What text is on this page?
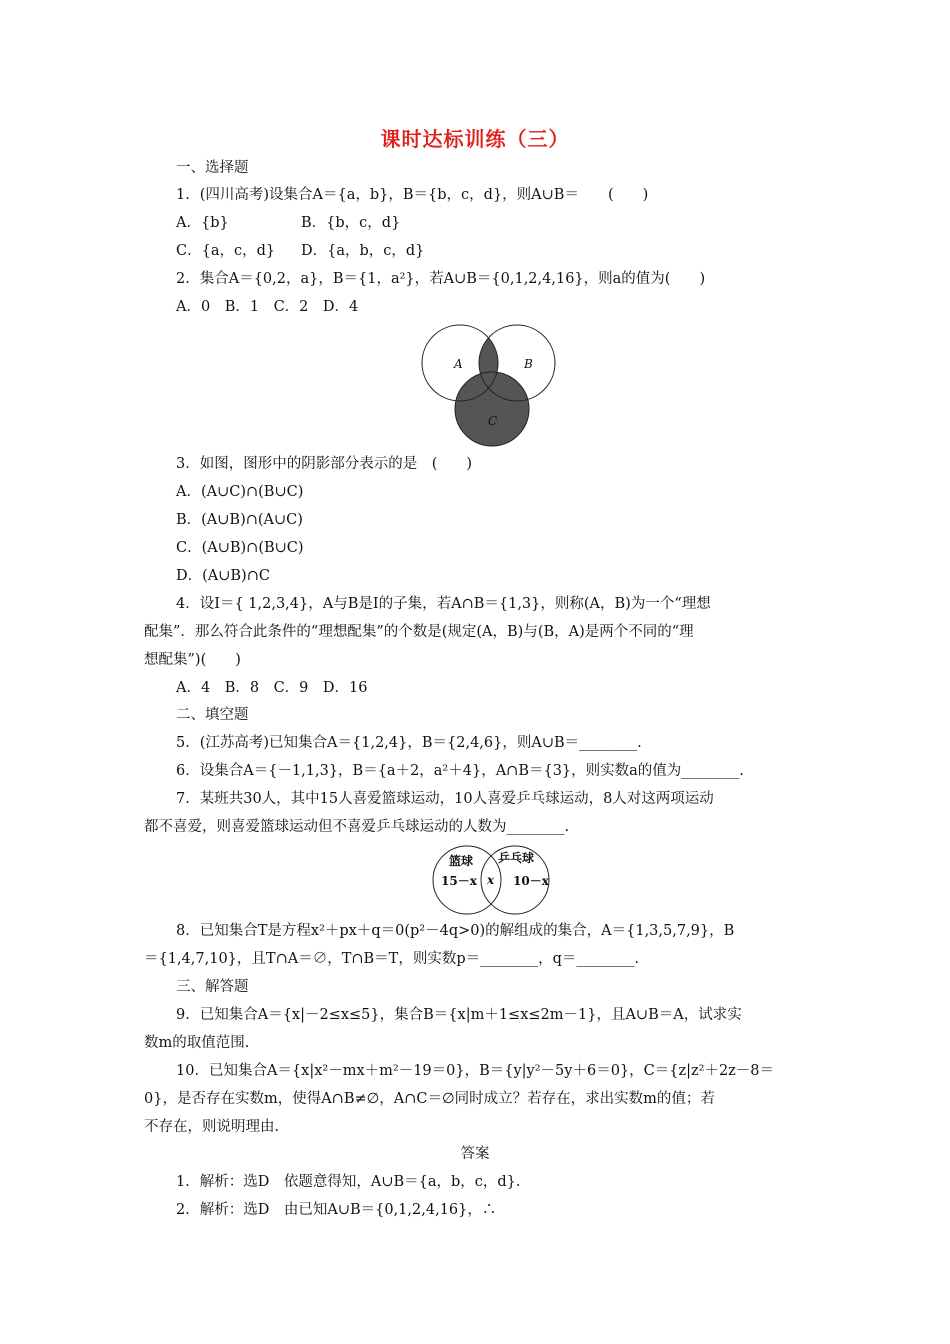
课时达标训练（三）
一、选择题
1．(四川高考)设集合A＝{a，b}，B＝{b，c，d}，则A∪B＝　　(　　)
A．{b}	B．{b，c，d}
C．{a，c，d} D．{a，b，c，d}
2．集合A＝{0,2，a}，B＝{1，a²}，若A∪B＝{0,1,2,4,16}，则a的值为(　　)
A．0　B．1　C．2　D．4
A	B
C
3．如图，图形中的阴影部分表示的是　(　　)
A．(A∪C)∩(B∪C)
B．(A∪B)∩(A∪C)
C．(A∪B)∩(B∪C)
D．(A∪B)∩C
4．设I＝{ 1,2,3,4}，A与B是I的子集，若A∩B＝{1,3}，则称(A，B)为一个“理想
配集”．那么符合此条件的“理想配集”的个数是(规定(A，B)与(B，A)是两个不同的“理
想配集”)(　　)
A．4　B．8　C．9　D．16
二、填空题
5．(江苏高考)已知集合A＝{1,2,4}，B＝{2,4,6}，则A∪B＝________.
6．设集合A＝{－1,1,3}，B＝{a＋2，a²＋4}，A∩B＝{3}，则实数a的值为________.
7．某班共30人，其中15人喜爱篮球运动，10人喜爱乒乓球运动，8人对这两项运动
都不喜爱，则喜爱篮球运动但不喜爱乒乓球运动的人数为________.
篮球
15－x x
乒乓球
10－x
8．已知集合T是方程x²＋px＋q＝0(p²－4q>0)的解组成的集合，A＝{1,3,5,7,9}，B
＝{1,4,7,10}，且T∩A＝∅，T∩B＝T，则实数p＝________，q＝________.
三、解答题
9．已知集合A＝{x|－2≤x≤5}，集合B＝{x|m＋1≤x≤2m－1}，且A∪B＝A，试求实
数m的取值范围.
10．已知集合A＝{x|x²－mx＋m²－19＝0}，B＝{y|y²－5y＋6＝0}，C＝{z|z²＋2z－8＝
0}，是否存在实数m，使得A∩B≠∅，A∩C＝∅同时成立？若存在，求出实数m的值；若
不存在，则说明理由.
答案
1．解析：选D　依题意得知，A∪B＝{a，b，c，d}.
2．解析：选D　由已知A∪B＝{0,1,2,4,16}，∴
